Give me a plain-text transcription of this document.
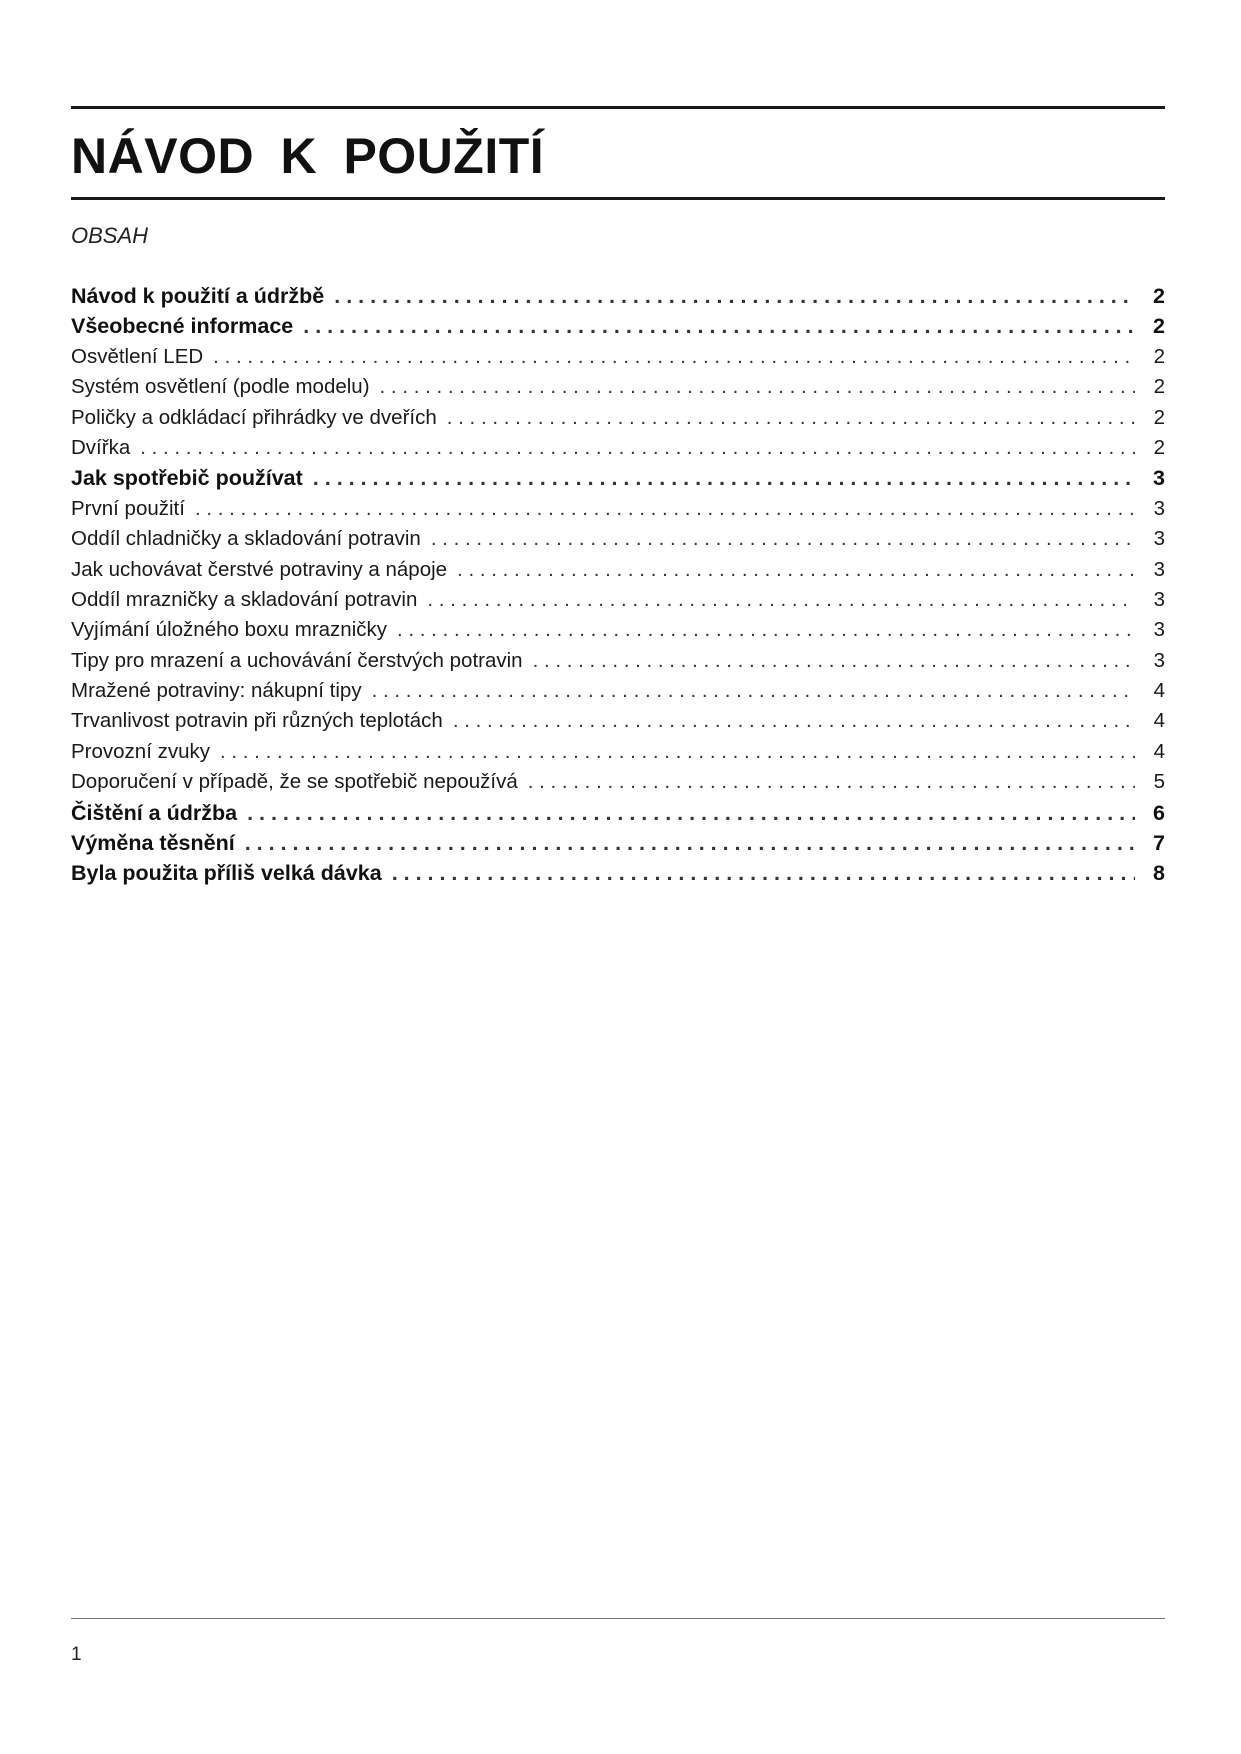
NÁVOD K POUŽITÍ
OBSAH
Návod k použití a údržbě . . .	2
Všeobecné informace . . .	2
Osvětlení LED . . .	2
Systém osvětlení (podle modelu) . . .	2
Poličky a odkládací přihrádky ve dveřích . . .	2
Dvířka . . .	2
Jak spotřebič používat . . .	3
První použití . . .	3
Oddíl chladničky a skladování potravin . . .	3
Jak uchovávat čerstvé potraviny a nápoje . . .	3
Oddíl mrazničky a skladování potravin . . .	3
Vyjímání úložného boxu mrazničky . . .	3
Tipy pro mrazení a uchovávání čerstvých potravin . . .	3
Mražené potraviny: nákupní tipy . . .	4
Trvanlivost potravin při různých teplotách . . .	4
Provozní zvuky . . .	4
Doporučení v případě, že se spotřebič nepoužívá . . .	5
Čištění a údržba . . .	6
Výměna těsnění . . .	7
Byla použita příliš velká dávka . . .	8
1
